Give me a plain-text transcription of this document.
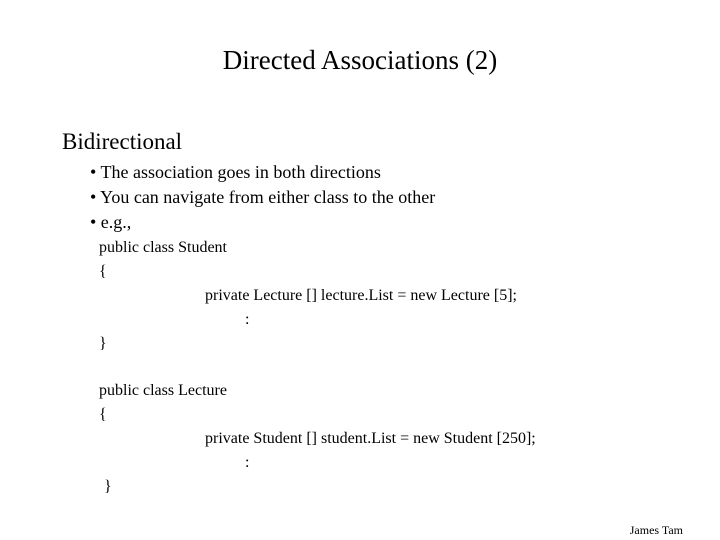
Directed Associations (2)
Bidirectional
• The association goes in both directions
• You can navigate from either class to the other
• e.g.,
public class Student
{
private Lecture [] lecture.List = new Lecture [5];
:
}
public class Lecture
{
private Student [] student.List = new Student [250];
:
}
James Tam
